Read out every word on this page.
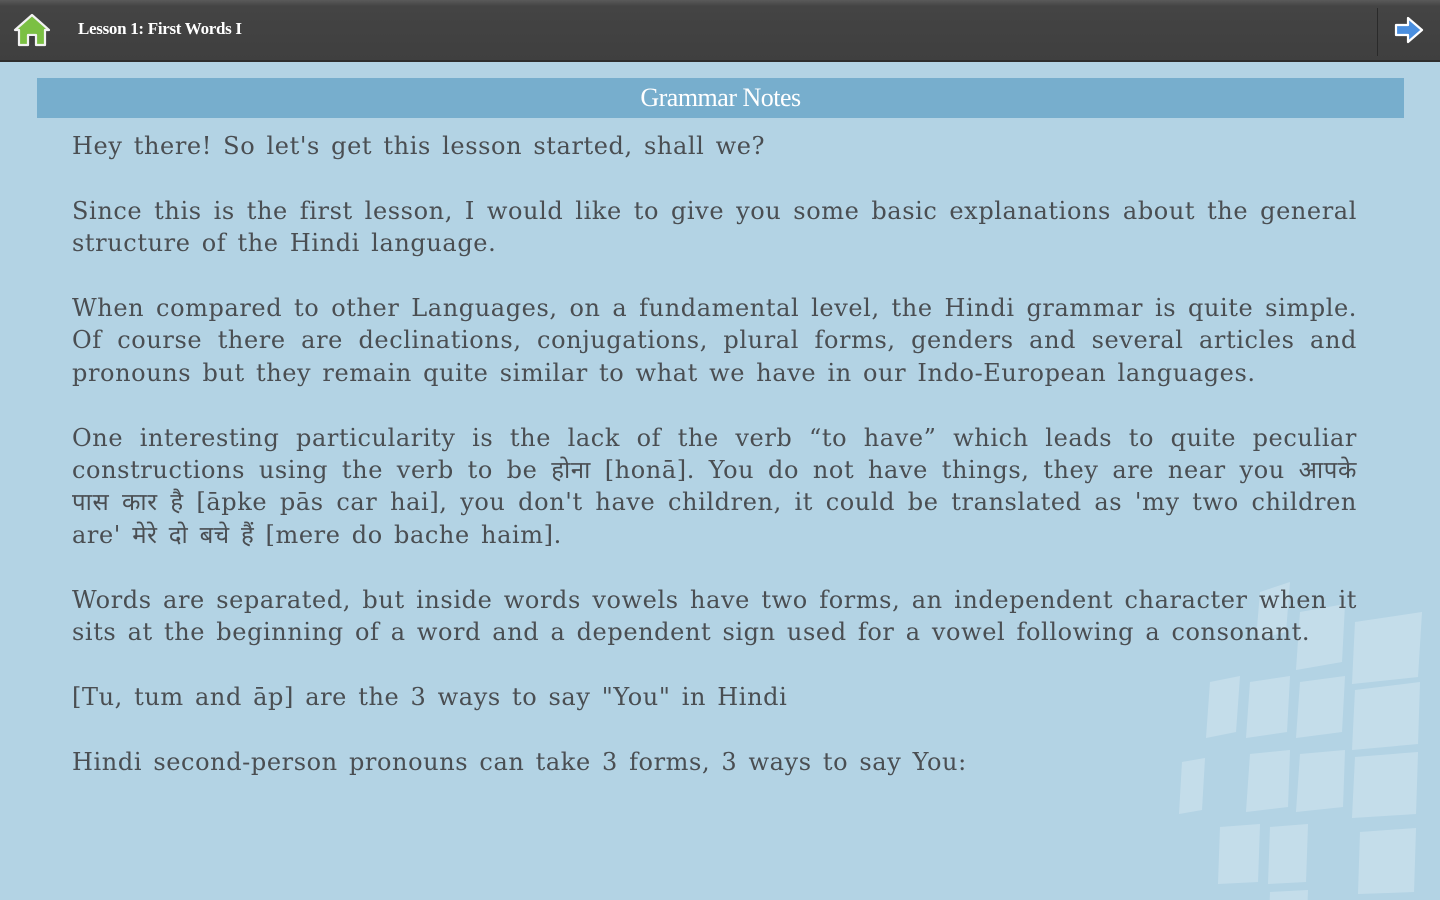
Lesson 1: First Words I
Grammar Notes

Hey there! So let's get this lesson started, shall we?

Since this is the first lesson, I would like to give you some basic explanations about the general structure of the Hindi language.

When compared to other Languages, on a fundamental level, the Hindi grammar is quite simple. Of course there are declinations, conjugations, plural forms, genders and several articles and pronouns but they remain quite similar to what we have in our Indo-European languages.

One interesting particularity is the lack of the verb “to have” which leads to quite peculiar constructions using the verb to be होना [honā]. You do not have things, they are near you आपके पास कार है [āpke pās car hai], you don't have children, it could be translated as 'my two children are' मेरे दो बचे हैं [mere do bache haim].

Words are separated, but inside words vowels have two forms, an independent character when it sits at the beginning of a word and a dependent sign used for a vowel following a consonant.

[Tu, tum and āp] are the 3 ways to say "You" in Hindi

Hindi second-person pronouns can take 3 forms, 3 ways to say You:
